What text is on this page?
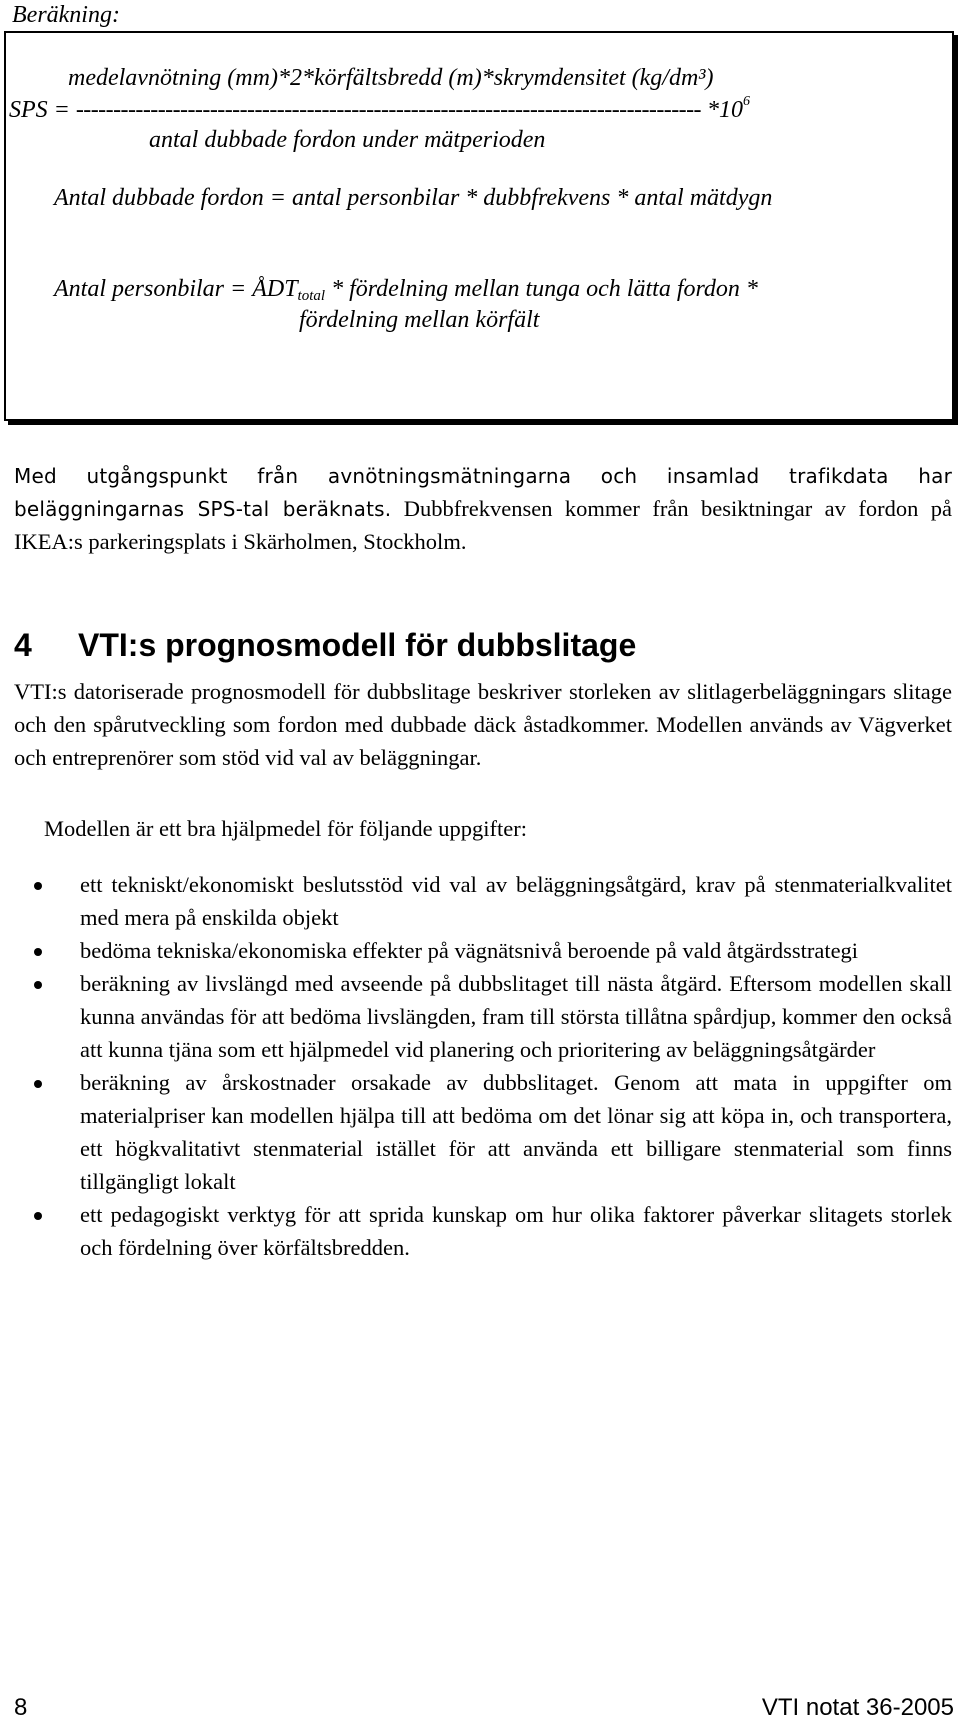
Beräkning:
medelavnötning (mm)*2*körfältsbredd (m)*skrymdensitet (kg/dm³)
SPS = ------------------------------------------------------------------------------------ $*10^6$
antal dubbade fordon under mätperioden
Antal dubbade fordon = antal personbilar * dubbfrekvens * antal mätdygn
Antal personbilar = $ÅDT_{total}$ * fördelning mellan tunga och lätta fordon *
fördelning mellan körfält
Med utgångspunkt från avnötningsmätningarna och insamlad trafikdata har beläggningarnas SPS-tal beräknats. Dubbfrekvensen kommer från besiktningar av fordon på IKEA:s parkeringsplats i Skärholmen, Stockholm.
4 VTI:s prognosmodell för dubbslitage
VTI:s datoriserade prognosmodell för dubbslitage beskriver storleken av slitlagerbeläggningars slitage och den spårutveckling som fordon med dubbade däck åstadkommer. Modellen används av Vägverket och entreprenörer som stöd vid val av beläggningar.
Modellen är ett bra hjälpmedel för följande uppgifter:
ett tekniskt/ekonomiskt beslutsstöd vid val av beläggningsåtgärd, krav på stenmaterialkvalitet med mera på enskilda objekt
bedöma tekniska/ekonomiska effekter på vägnätsnivå beroende på vald åtgärdsstrategi
beräkning av livslängd med avseende på dubbslitaget till nästa åtgärd. Eftersom modellen skall kunna användas för att bedöma livslängden, fram till största tillåtna spårdjup, kommer den också att kunna tjäna som ett hjälpmedel vid planering och prioritering av beläggningsåtgärder
beräkning av årskostnader orsakade av dubbslitaget. Genom att mata in uppgifter om materialpriser kan modellen hjälpa till att bedöma om det lönar sig att köpa in, och transportera, ett högkvalitativt stenmaterial istället för att använda ett billigare stenmaterial som finns tillgängligt lokalt
ett pedagogiskt verktyg för att sprida kunskap om hur olika faktorer påverkar slitagets storlek och fördelning över körfältsbredden.
8	VTI notat 36-2005
